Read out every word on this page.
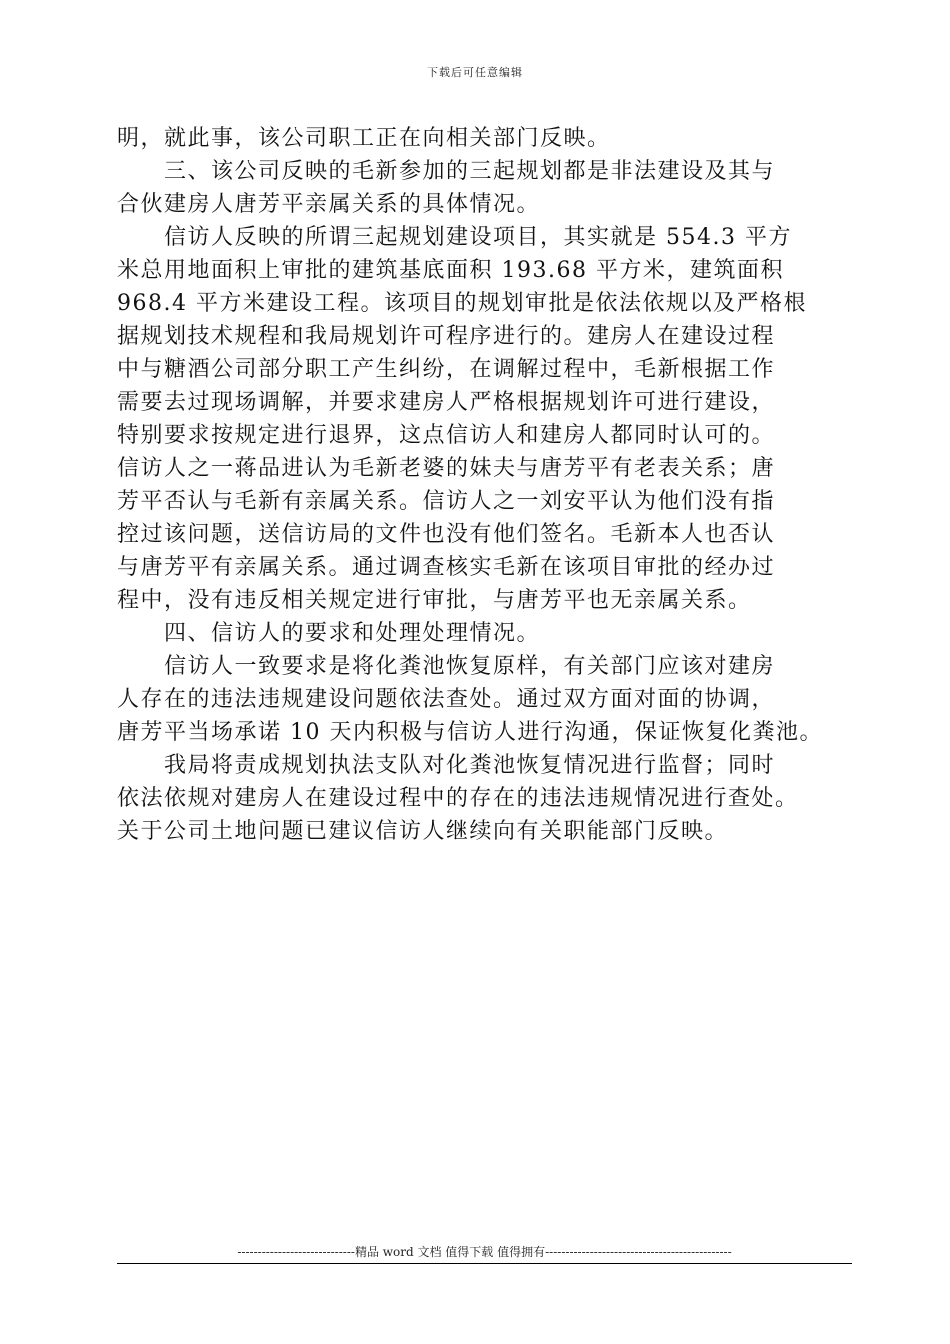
下载后可任意编辑
明，就此事，该公司职工正在向相关部门反映。
　　三、该公司反映的毛新参加的三起规划都是非法建设及其与
合伙建房人唐芳平亲属关系的具体情况。
　　信访人反映的所谓三起规划建设项目，其实就是 554.3 平方
米总用地面积上审批的建筑基底面积 193.68 平方米，建筑面积
968.4 平方米建设工程。该项目的规划审批是依法依规以及严格根
据规划技术规程和我局规划许可程序进行的。建房人在建设过程
中与糖酒公司部分职工产生纠纷，在调解过程中，毛新根据工作
需要去过现场调解，并要求建房人严格根据规划许可进行建设，
特别要求按规定进行退界，这点信访人和建房人都同时认可的。
信访人之一蒋品进认为毛新老婆的妹夫与唐芳平有老表关系；唐
芳平否认与毛新有亲属关系。信访人之一刘安平认为他们没有指
控过该问题，送信访局的文件也没有他们签名。毛新本人也否认
与唐芳平有亲属关系。通过调查核实毛新在该项目审批的经办过
程中，没有违反相关规定进行审批，与唐芳平也无亲属关系。
　　四、信访人的要求和处理处理情况。
　　信访人一致要求是将化粪池恢复原样，有关部门应该对建房
人存在的违法违规建设问题依法查处。通过双方面对面的协调，
唐芳平当场承诺 10 天内积极与信访人进行沟通，保证恢复化粪池。
　　我局将责成规划执法支队对化粪池恢复情况进行监督；同时
依法依规对建房人在建设过程中的存在的违法违规情况进行查处。
关于公司土地问题已建议信访人继续向有关职能部门反映。
-----------------------------精品 word 文档 值得下载 值得拥有----------------------------------------------
